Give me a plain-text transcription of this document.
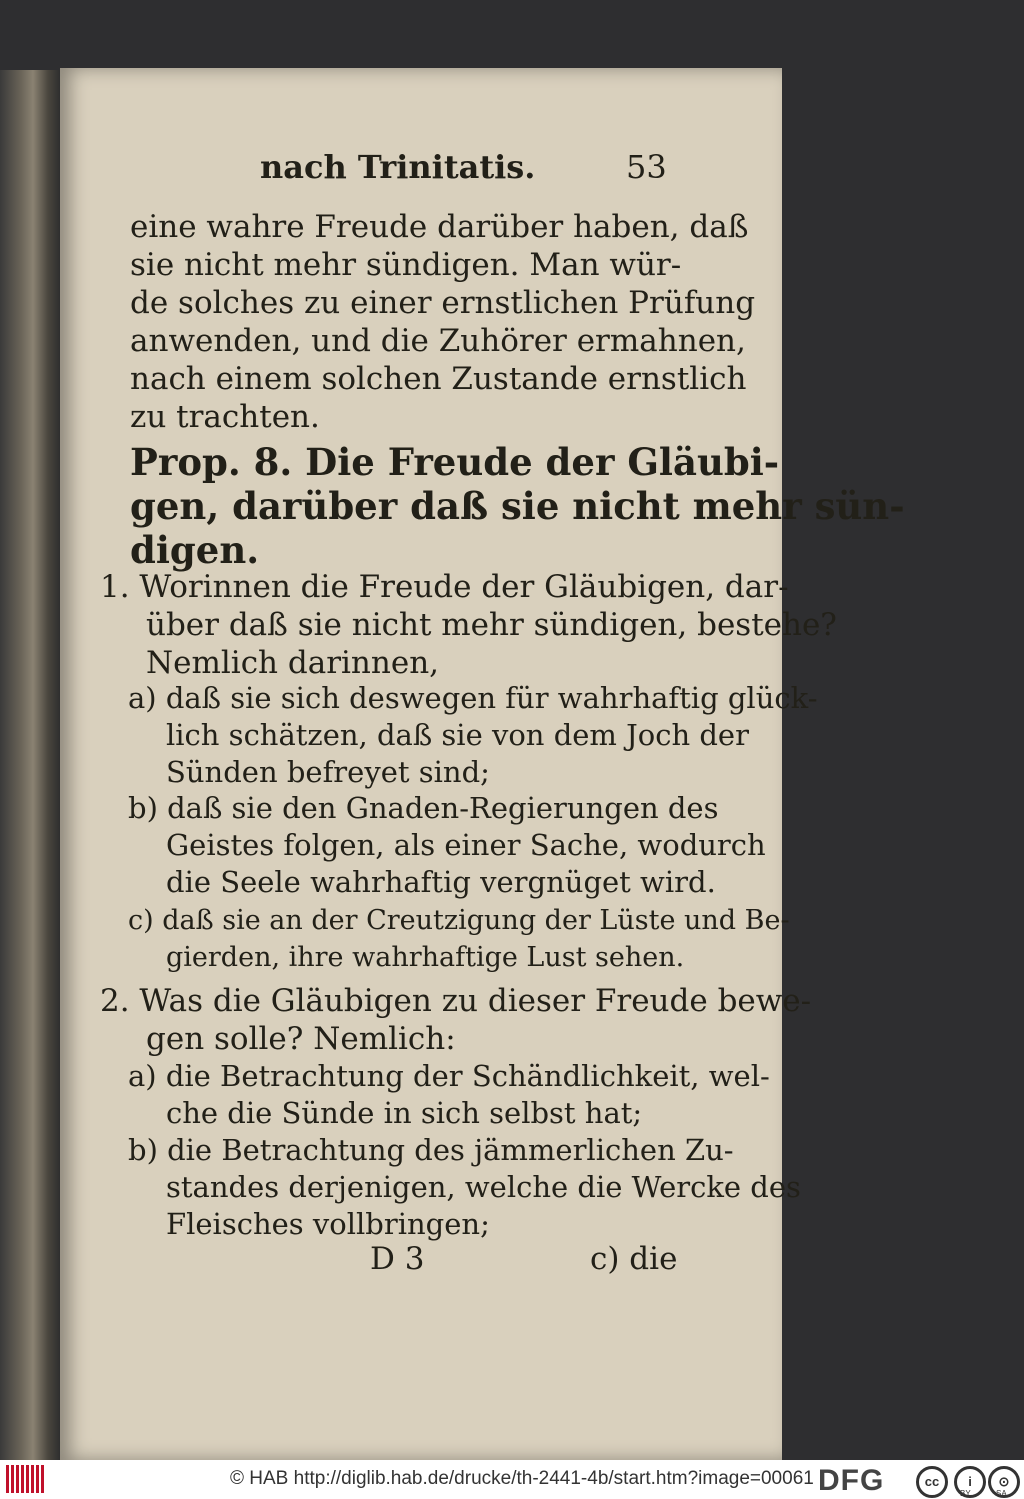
nach Trinitatis.	53
eine wahre Freude darüber haben, daß
sie nicht mehr sündigen. Man wür-
de solches zu einer ernstlichen Prüfung
anwenden, und die Zuhörer ermahnen,
nach einem solchen Zustande ernstlich
zu trachten.
Prop. 8. Die Freude der Gläubi-
gen, darüber daß sie nicht mehr sün-
digen.
1. Worinnen die Freude der Gläubigen, dar-
über daß sie nicht mehr sündigen, bestehe?
Nemlich darinnen,
a) daß sie sich deswegen für wahrhaftig glück-
lich schätzen, daß sie von dem Joch der
Sünden befreyet sind;
b) daß sie den Gnaden-Regierungen des
Geistes folgen, als einer Sache, wodurch
die Seele wahrhaftig vergnüget wird.
c) daß sie an der Creutzigung der Lüste und Be-
gierden, ihre wahrhaftige Lust sehen.
2. Was die Gläubigen zu dieser Freude bewe-
gen solle? Nemlich:
a) die Betrachtung der Schändlichkeit, wel-
che die Sünde in sich selbst hat;
b) die Betrachtung des jämmerlichen Zu-
standes derjenigen, welche die Wercke des
Fleisches vollbringen;
D 3	c) die
© HAB http://diglib.hab.de/drucke/th-2441-4b/start.htm?image=00061 DFG	cc	i	⊙
BY	SA
